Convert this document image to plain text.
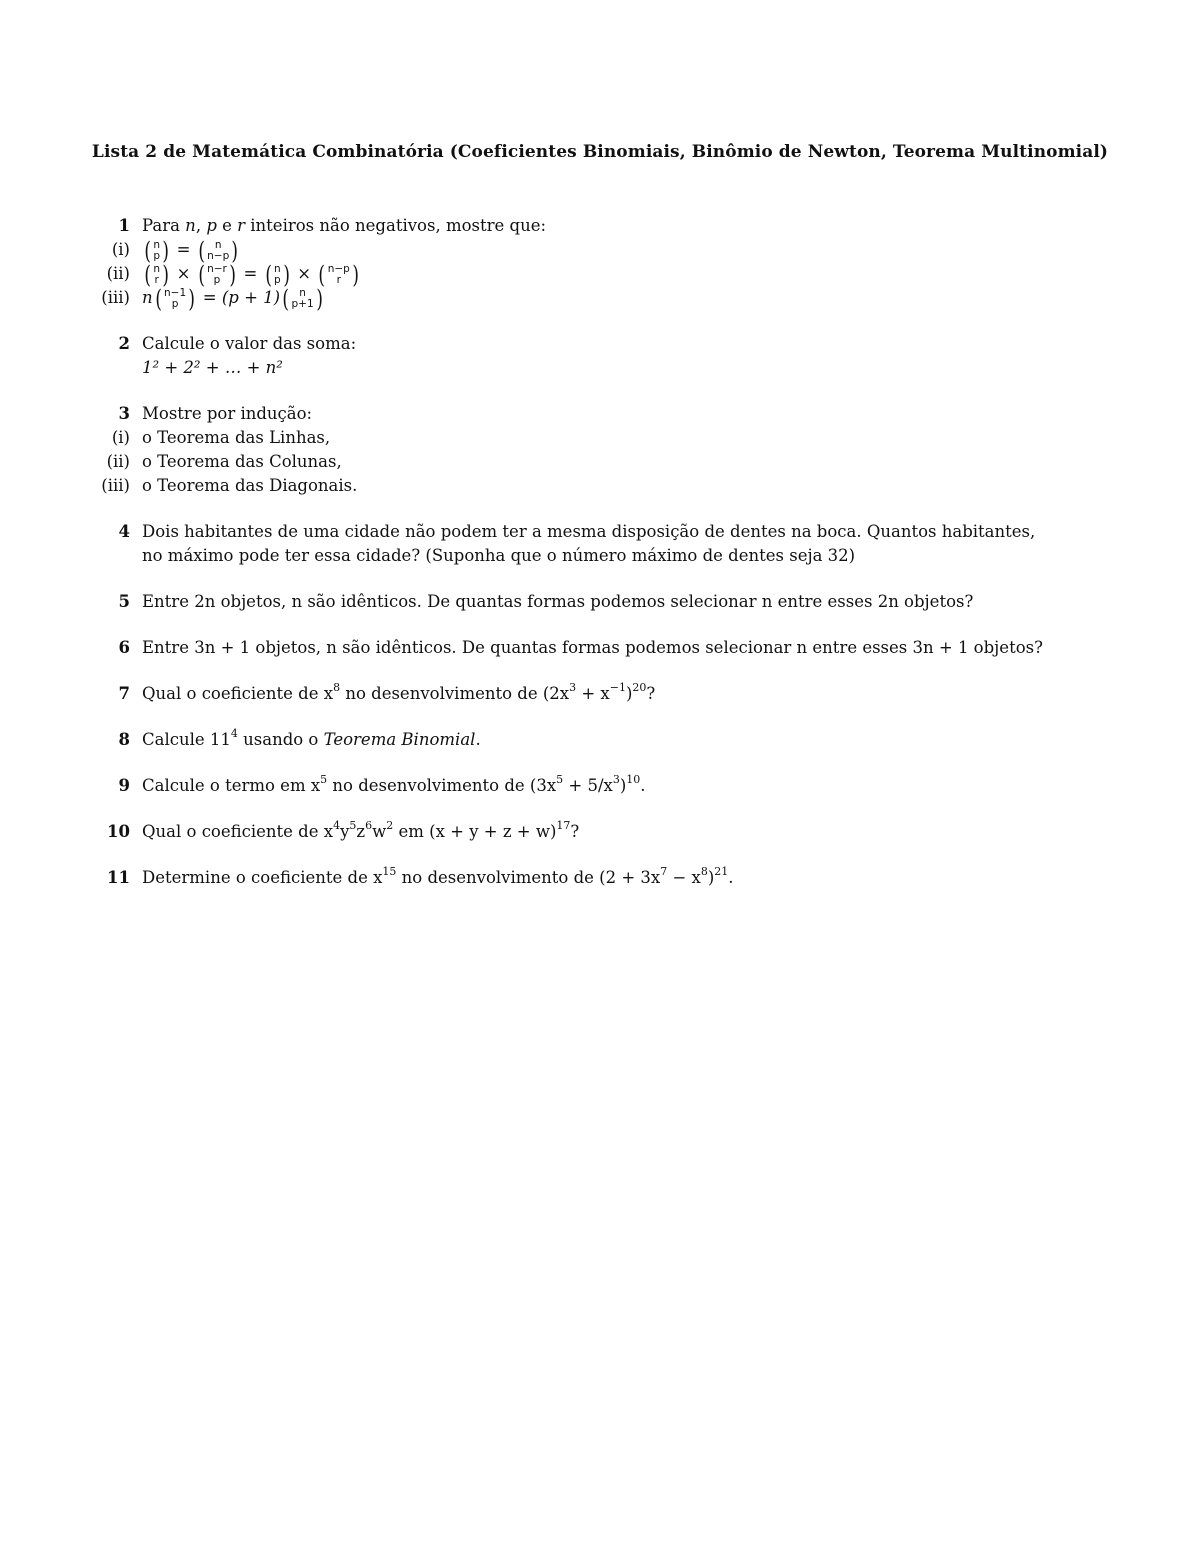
Lista 2 de Matemática Combinatória (Coeficientes Binomiais, Binômio de Newton, Teorema Multinomial)
1 Para n, p e r inteiros não negativos, mostre que:
(i) ( n
p ) = ( n
n−p )
(ii) ( n
r ) × ( n−r
p ) = ( n
p ) × ( n−p
r )
(iii) n ( n−1
p ) = (p + 1) ( n
p+1 )
2 Calcule o valor das soma:
1² + 2² + … + n²
3 Mostre por indução:
(i) o Teorema das Linhas,
(ii) o Teorema das Colunas,
(iii) o Teorema das Diagonais.
4 Dois habitantes de uma cidade não podem ter a mesma disposição de dentes na boca. Quantos habitantes,
no máximo pode ter essa cidade? (Suponha que o número máximo de dentes seja 32)
5 Entre 2n objetos, n são idênticos. De quantas formas podemos selecionar n entre esses 2n objetos?
6 Entre 3n + 1 objetos, n são idênticos. De quantas formas podemos selecionar n entre esses 3n + 1 objetos?
7 Qual o coeficiente de $x^8$ no desenvolvimento de $(2x^3 + x^{-1})^{20}$?
8 Calcule $11^4$ usando o Teorema Binomial.
9 Calcule o termo em $x^5$ no desenvolvimento de $(3x^5 + 5/x^3)^{10}$.
10 Qual o coeficiente de $x^4y^5z^6w^2$ em $(x + y + z + w)^{17}$?
11 Determine o coeficiente de $x^{15}$ no desenvolvimento de $(2 + 3x^7 - x^8)^{21}$.
